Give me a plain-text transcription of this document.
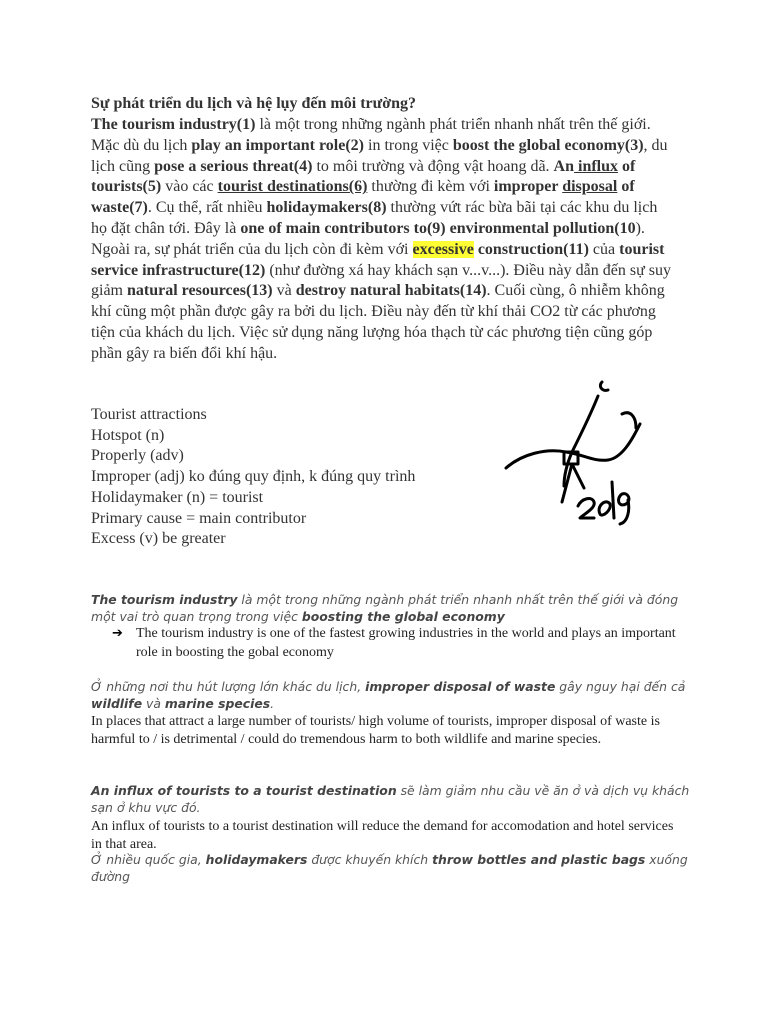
Sự phát triển du lịch và hệ lụy đến môi trường?
The tourism industry(1) là một trong những ngành phát triển nhanh nhất trên thế giới. Mặc dù du lịch play an important role(2) in trong việc boost the global economy(3), du lịch cũng pose a serious threat(4) to môi trường và động vật hoang dã. An influx of tourists(5) vào các tourist destinations(6) thường đi kèm với improper disposal of waste(7). Cụ thể, rất nhiều holidaymakers(8) thường vứt rác bừa bãi tại các khu du lịch họ đặt chân tới. Đây là one of main contributors to(9) environmental pollution(10). Ngoài ra, sự phát triển của du lịch còn đi kèm với excessive construction(11) của tourist service infrastructure(12) (như đường xá hay khách sạn v...v...). Điều này dẫn đến sự suy giảm natural resources(13) và destroy natural habitats(14). Cuối cùng, ô nhiễm không khí cũng một phần được gây ra bởi du lịch. Điều này đến từ khí thải CO2 từ các phương tiện của khách du lịch. Việc sử dụng năng lượng hóa thạch từ các phương tiện cũng góp phần gây ra biến đổi khí hậu.
Tourist attractions
Hotspot (n)
Properly (adv)
Improper (adj) ko đúng quy định, k đúng quy trình
Holidaymaker (n) = tourist
Primary cause = main contributor
Excess (v) be greater
The tourism industry là một trong những ngành phát triển nhanh nhất trên thế giới và đóng một vai trò quan trọng trong việc boosting the global economy
➔ The tourism industry is one of the fastest growing industries in the world and plays an important role in boosting the gobal economy
Ở những nơi thu hút lượng lớn khác du lịch, improper disposal of waste gây nguy hại đến cả wildlife và marine species.
In places that attract a large number of tourists/ high volume of tourists, improper disposal of waste is harmful to / is detrimental / could do tremendous harm to both wildlife and marine species.
An influx of tourists to a tourist destination sẽ làm giảm nhu cầu về ăn ở và dịch vụ khách sạn ở khu vực đó.
An influx of tourists to a tourist destination will reduce the demand for accomodation and hotel services in that area.
Ở nhiều quốc gia, holidaymakers được khuyến khích throw bottles and plastic bags xuống đường
